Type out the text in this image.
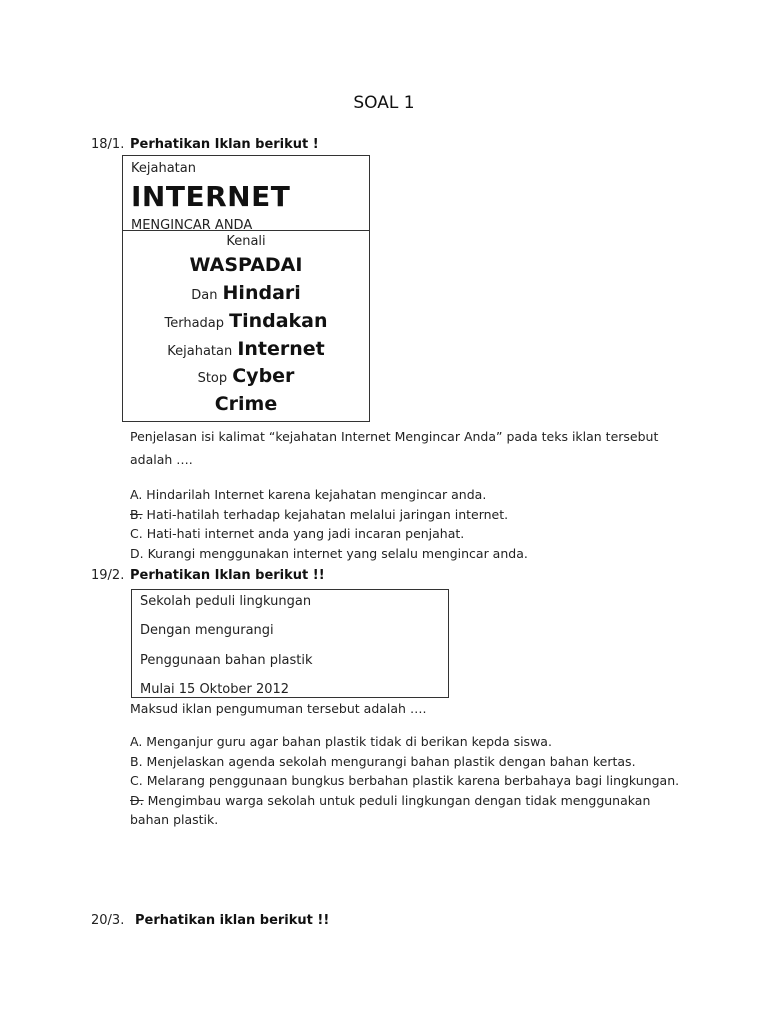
SOAL 1
18/1. Perhatikan Iklan berikut !
Kejahatan
INTERNET
MENGINCAR ANDA
Kenali
WASPADAI
Dan Hindari
Terhadap Tindakan
Kejahatan Internet
Stop Cyber
Crime
Penjelasan isi kalimat “kejahatan Internet Mengincar Anda” pada teks iklan tersebut
adalah ….
A. Hindarilah Internet karena kejahatan mengincar anda.
B. Hati-hatilah terhadap kejahatan melalui jaringan internet.
C. Hati-hati internet anda yang jadi incaran penjahat.
D. Kurangi menggunakan internet yang selalu mengincar anda.
19/2. Perhatikan Iklan berikut !!
Sekolah peduli lingkungan
Dengan mengurangi
Penggunaan bahan plastik
Mulai 15 Oktober 2012
Maksud iklan pengumuman tersebut adalah ….
A. Menganjur guru agar bahan plastik tidak di berikan kepda siswa.
B. Menjelaskan agenda sekolah mengurangi bahan plastik dengan bahan kertas.
C. Melarang penggunaan bungkus berbahan plastik karena berbahaya bagi lingkungan.
D. Mengimbau warga sekolah untuk peduli lingkungan dengan tidak menggunakan
bahan plastik.
20/3. Perhatikan iklan berikut !!
